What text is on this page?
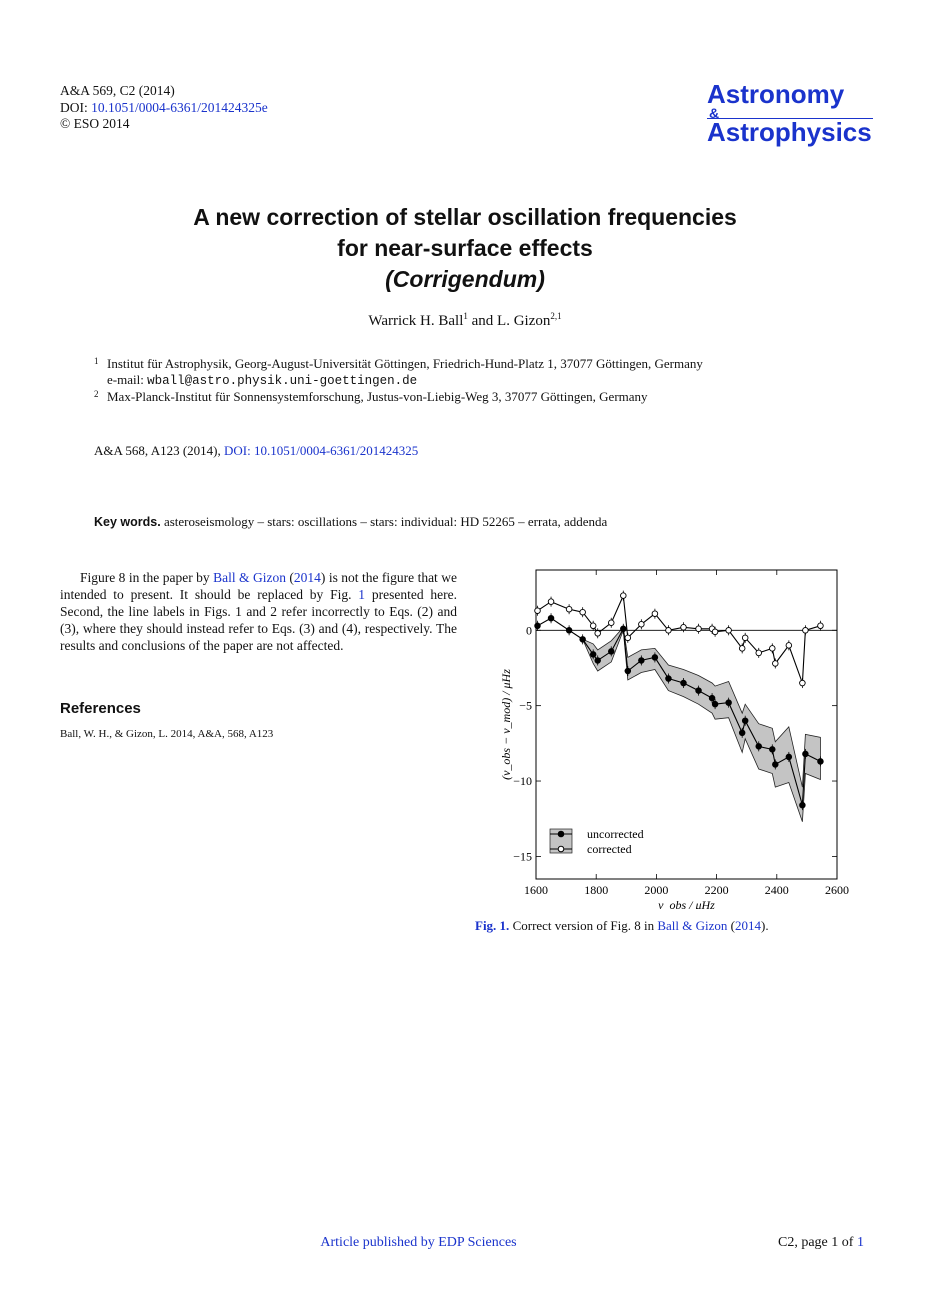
A&A 569, C2 (2014)
DOI: 10.1051/0004-6361/201424325e
© ESO 2014
Astronomy
&
Astrophysics
A new correction of stellar oscillation frequencies
for near-surface effects
(Corrigendum)
Warrick H. Ball$^1$ and L. Gizon$^{2,1}$
1 Institut für Astrophysik, Georg-August-Universität Göttingen, Friedrich-Hund-Platz 1, 37077 Göttingen, Germany
e-mail: wball@astro.physik.uni-goettingen.de
2 Max-Planck-Institut für Sonnensystemforschung, Justus-von-Liebig-Weg 3, 37077 Göttingen, Germany
A&A 568, A123 (2014), DOI: 10.1051/0004-6361/201424325
Key words. asteroseismology – stars: oscillations – stars: individual: HD 52265 – errata, addenda
Figure 8 in the paper by Ball & Gizon (2014) is not the figure that we intended to present. It should be replaced by Fig. 1 presented here. Second, the line labels in Figs. 1 and 2 refer incorrectly to Eqs. (2) and (3), where they should instead refer to Eqs. (3) and (4), respectively. The results and conclusions of the paper are not affected.
References
Ball, W. H., & Gizon, L. 2014, A&A, 568, A123
1600	1800	2000	2200	2400	2600
0
−5
−10
−15
uncorrected
corrected
ν_obs / μHz
(ν_obs − ν_mod) / μHz
Fig. 1. Correct version of Fig. 8 in Ball & Gizon (2014).
Article published by EDP Sciences	C2, page 1 of 1
